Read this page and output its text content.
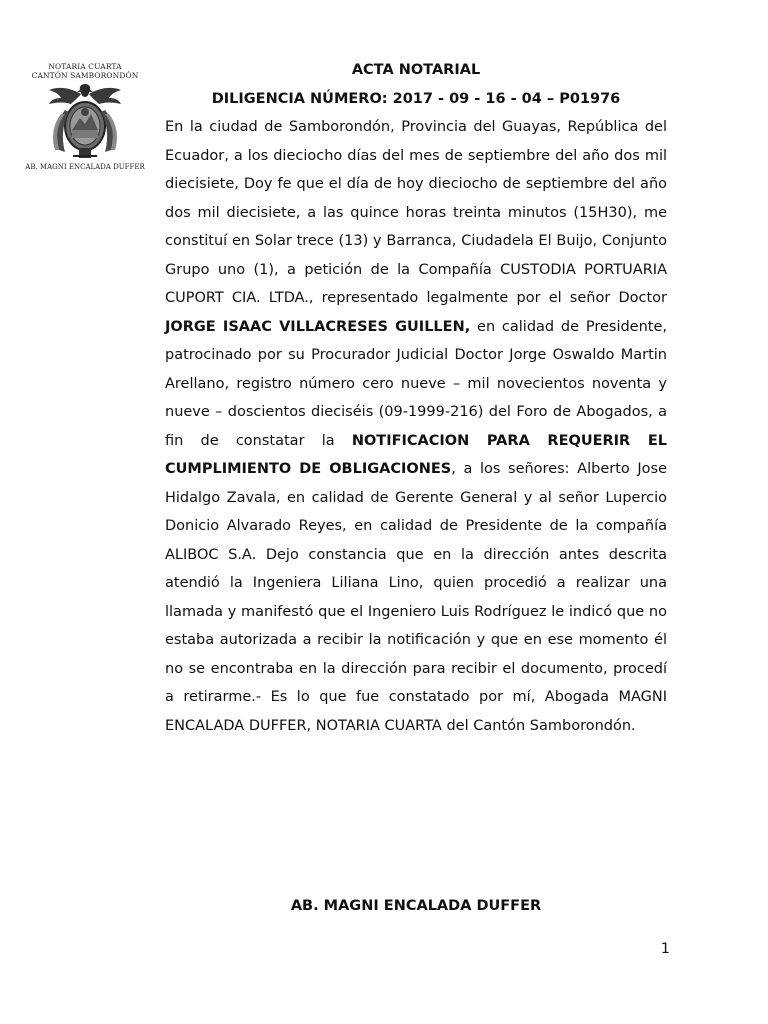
NOTARIA CUARTA
CANTÓN SAMBORONDÓN
AB. MAGNI ENCALADA DUFFER
ACTA NOTARIAL
DILIGENCIA NÚMERO: 2017 - 09 - 16 - 04 – P01976

En la ciudad de Samborondón, Provincia del Guayas, República del Ecuador, a los dieciocho días del mes de septiembre del año dos mil diecisiete, Doy fe que el día de hoy dieciocho de septiembre del año dos mil diecisiete, a las quince horas treinta minutos (15H30), me constituí en Solar trece (13) y Barranca, Ciudadela El Buijo, Conjunto Grupo uno (1), a petición de la Compañía CUSTODIA PORTUARIA CUPORT CIA. LTDA., representado legalmente por el señor Doctor JORGE ISAAC VILLACRESES GUILLEN, en calidad de Presidente, patrocinado por su Procurador Judicial Doctor Jorge Oswaldo Martin Arellano, registro número cero nueve – mil novecientos noventa y nueve – doscientos dieciséis (09-1999-216) del Foro de Abogados, a fin de constatar la NOTIFICACION PARA REQUERIR EL CUMPLIMIENTO DE OBLIGACIONES, a los señores: Alberto Jose Hidalgo Zavala, en calidad de Gerente General y al señor Lupercio Donicio Alvarado Reyes, en calidad de Presidente de la compañía ALIBOC S.A. Dejo constancia que en la dirección antes descrita atendió la Ingeniera Liliana Lino, quien procedió a realizar una llamada y manifestó que el Ingeniero Luis Rodríguez le indicó que no estaba autorizada a recibir la notificación y que en ese momento él no se encontraba en la dirección para recibir el documento, procedí a retirarme.- Es lo que fue constatado por mí, Abogada MAGNI ENCALADA DUFFER, NOTARIA CUARTA del Cantón Samborondón.

AB. MAGNI ENCALADA DUFFER
1
